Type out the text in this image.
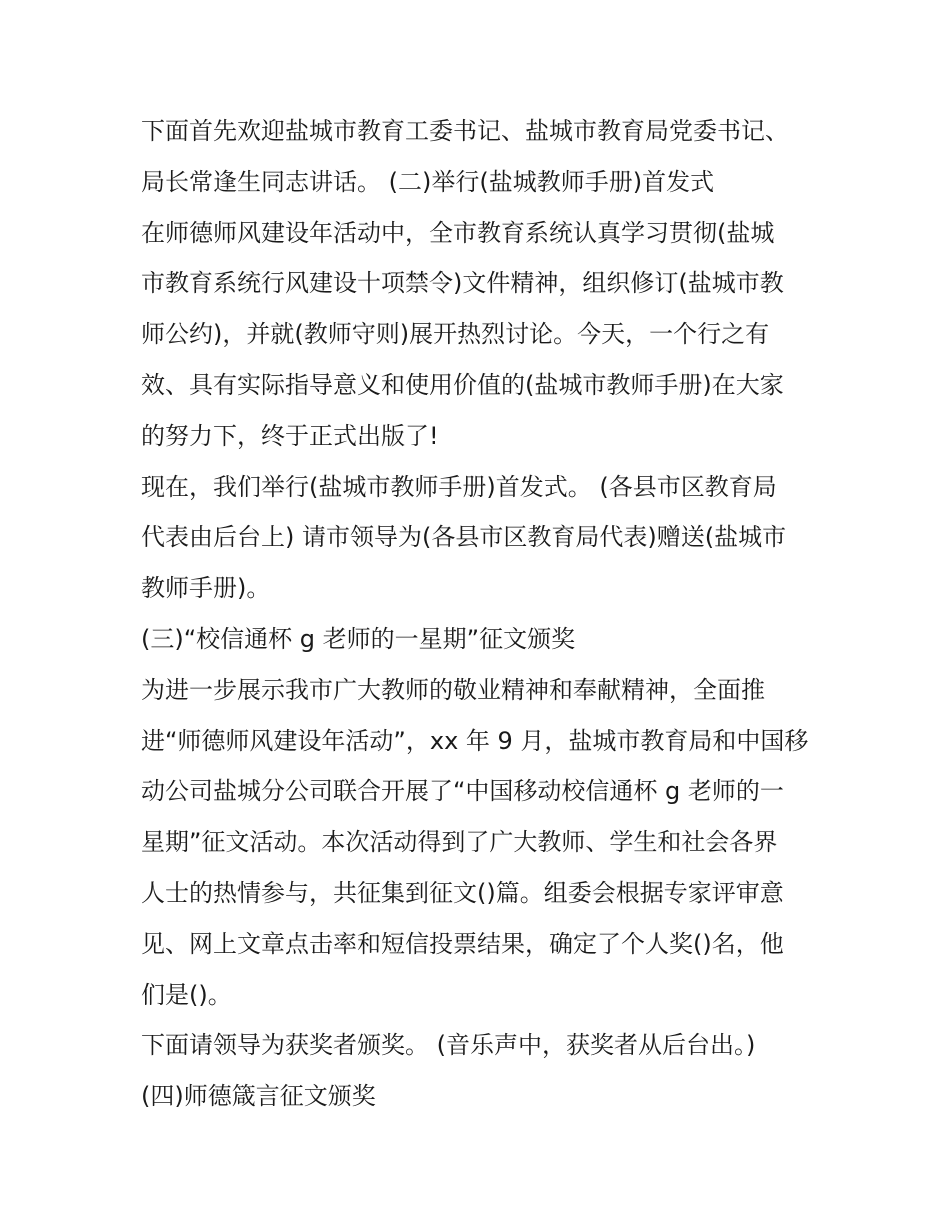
下面首先欢迎盐城市教育工委书记、盐城市教育局党委书记、
局长常逢生同志讲话。 (二)举行(盐城教师手册)首发式
在师德师风建设年活动中，全市教育系统认真学习贯彻(盐城
市教育系统行风建设十项禁令)文件精神，组织修订(盐城市教
师公约)，并就(教师守则)展开热烈讨论。今天，一个行之有
效、具有实际指导意义和使用价值的(盐城市教师手册)在大家
的努力下，终于正式出版了!
现在，我们举行(盐城市教师手册)首发式。 (各县市区教育局
代表由后台上) 请市领导为(各县市区教育局代表)赠送(盐城市
教师手册)。
(三)“校信通杯 g 老师的一星期”征文颁奖
为进一步展示我市广大教师的敬业精神和奉献精神，全面推
进“师德师风建设年活动”，xx 年 9 月，盐城市教育局和中国移
动公司盐城分公司联合开展了“中国移动校信通杯 g 老师的一
星期”征文活动。本次活动得到了广大教师、学生和社会各界
人士的热情参与，共征集到征文()篇。组委会根据专家评审意
见、网上文章点击率和短信投票结果，确定了个人奖()名，他
们是()。
下面请领导为获奖者颁奖。 (音乐声中，获奖者从后台出。)
(四)师德箴言征文颁奖
